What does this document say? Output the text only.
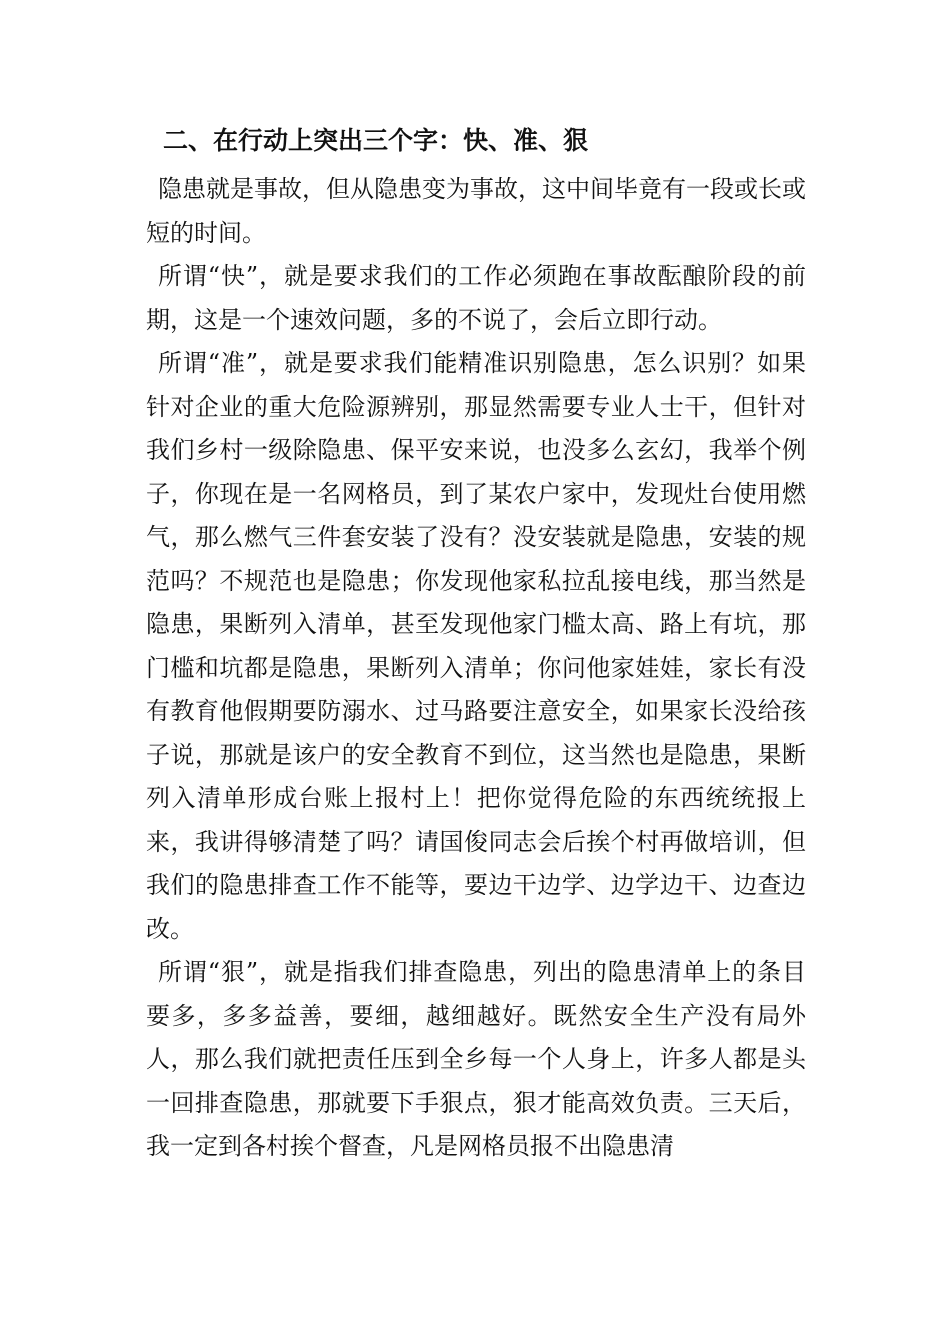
二、在行动上突出三个字：快、准、狠

隐患就是事故，但从隐患变为事故，这中间毕竟有一段或长或短的时间。

所谓“快”，就是要求我们的工作必须跑在事故酝酿阶段的前期，这是一个速效问题，多的不说了，会后立即行动。

所谓“准”，就是要求我们能精准识别隐患，怎么识别？如果针对企业的重大危险源辨别，那显然需要专业人士干，但针对我们乡村一级除隐患、保平安来说，也没多么玄幻，我举个例子，你现在是一名网格员，到了某农户家中，发现灶台使用燃气，那么燃气三件套安装了没有？没安装就是隐患，安装的规范吗？不规范也是隐患；你发现他家私拉乱接电线，那当然是隐患，果断列入清单，甚至发现他家门槛太高、路上有坑，那门槛和坑都是隐患，果断列入清单；你问他家娃娃，家长有没有教育他假期要防溺水、过马路要注意安全，如果家长没给孩子说，那就是该户的安全教育不到位，这当然也是隐患，果断列入清单形成台账上报村上！把你觉得危险的东西统统报上来，我讲得够清楚了吗？请国俊同志会后挨个村再做培训，但我们的隐患排查工作不能等，要边干边学、边学边干、边查边改。

所谓“狠”，就是指我们排查隐患，列出的隐患清单上的条目要多，多多益善，要细，越细越好。既然安全生产没有局外人，那么我们就把责任压到全乡每一个人身上，许多人都是头一回排查隐患，那就要下手狠点，狠才能高效负责。三天后，我一定到各村挨个督查，凡是网格员报不出隐患清
